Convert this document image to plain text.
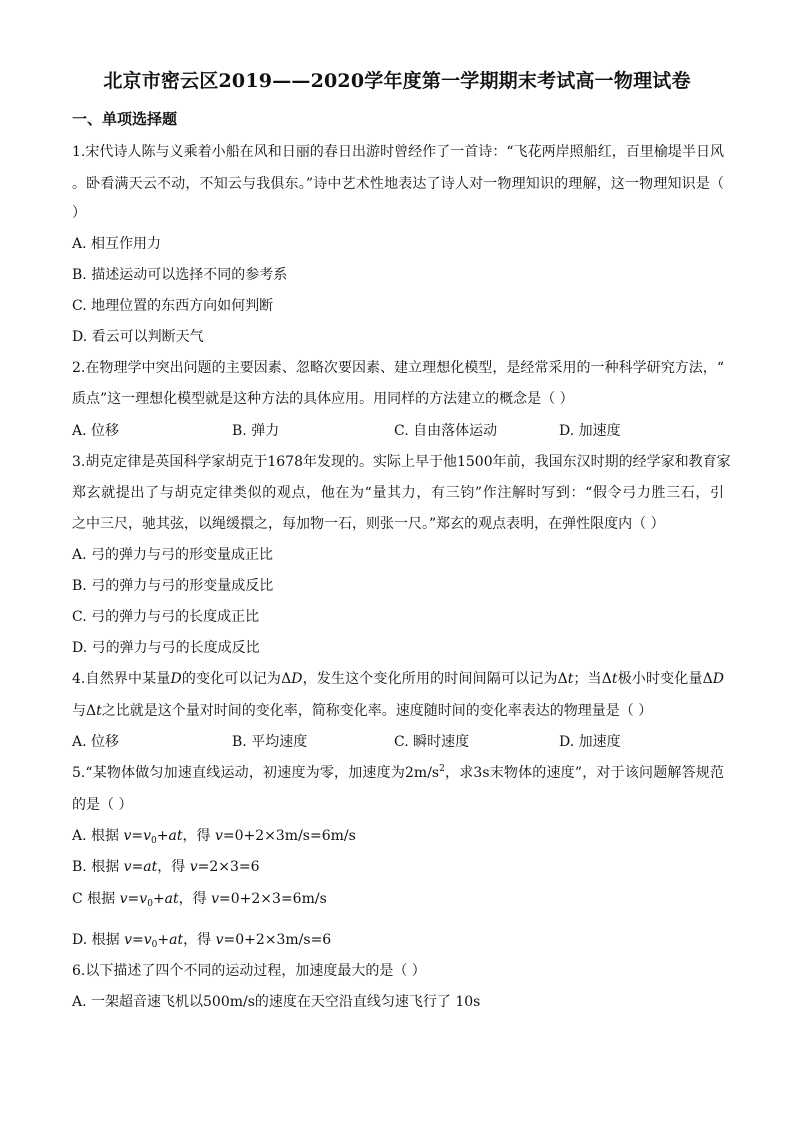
北京市密云区2019——2020学年度第一学期期末考试高一物理试卷
一、单项选择题
1.宋代诗人陈与义乘着小船在风和日丽的春日出游时曾经作了一首诗：“飞花两岸照船红，百里榆堤半日风
。卧看满天云不动，不知云与我俱东。”诗中艺术性地表达了诗人对一物理知识的理解，这一物理知识是（
）
A. 相互作用力
B. 描述运动可以选择不同的参考系
C. 地理位置的东西方向如何判断
D. 看云可以判断天气
2.在物理学中突出问题的主要因素、忽略次要因素、建立理想化模型，是经常采用的一种科学研究方法，“
质点”这一理想化模型就是这种方法的具体应用。用同样的方法建立的概念是（ ）
A. 位移	B. 弹力	C. 自由落体运动	D. 加速度
3.胡克定律是英国科学家胡克于1678年发现的。实际上早于他1500年前，我国东汉时期的经学家和教育家
郑玄就提出了与胡克定律类似的观点，他在为“量其力，有三钧”作注解时写到：“假令弓力胜三石，引
之中三尺，驰其弦，以绳缓擐之，每加物一石，则张一尺。”郑玄的观点表明，在弹性限度内（ ）
A. 弓的弹力与弓的形变量成正比
B. 弓的弹力与弓的形变量成反比
C. 弓的弹力与弓的长度成正比
D. 弓的弹力与弓的长度成反比
4.自然界中某量D的变化可以记为ΔD，发生这个变化所用的时间间隔可以记为Δt；当Δt极小时变化量ΔD
与Δt之比就是这个量对时间的变化率，简称变化率。速度随时间的变化率表达的物理量是（ ）
A. 位移	B. 平均速度	C. 瞬时速度	D. 加速度
5.“某物体做匀加速直线运动，初速度为零，加速度为$2m/s^2$，求3s末物体的速度”，对于该问题解答规范
的是（ ）
A. 根据 $v=v_0+at$，得 v=0+2×3m/s=6m/s
B. 根据 v=at，得 v=2×3=6
C 根据 $v=v_0+at$，得 v=0+2×3=6m/s
D. 根据 $v=v_0+at$，得 v=0+2×3m/s=6
6.以下描述了四个不同的运动过程，加速度最大的是（ ）
A. 一架超音速飞机以500m/s的速度在天空沿直线匀速飞行了 10s
